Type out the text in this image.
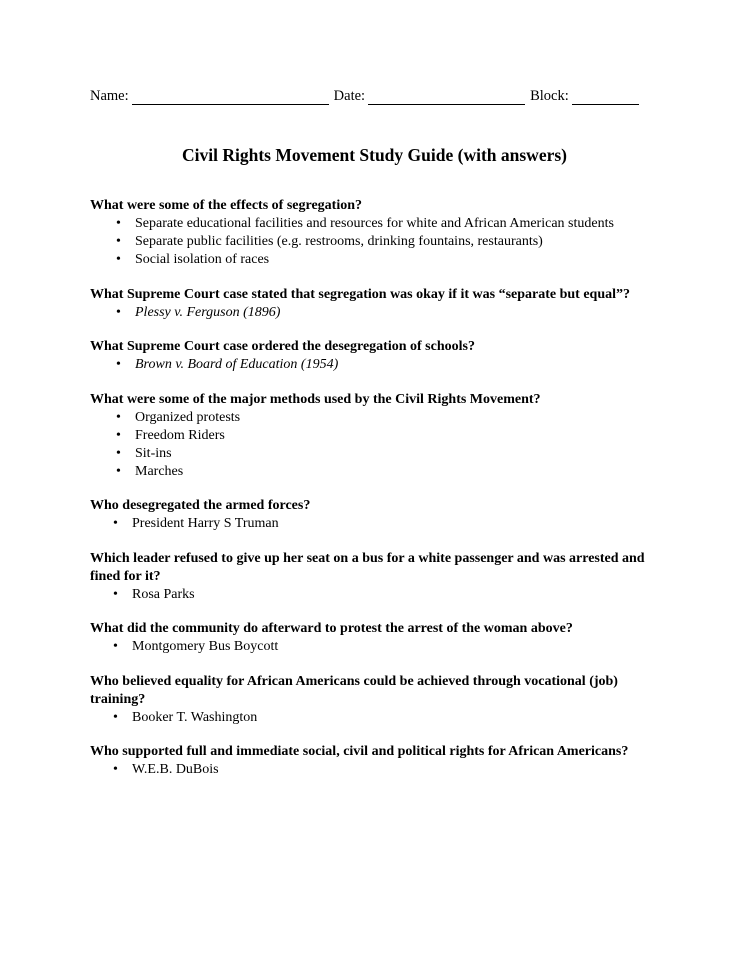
Name:	Date:	Block:
Civil Rights Movement Study Guide (with answers)

What were some of the effects of segregation?

• Separate educational facilities and resources for white and African American students
• Separate public facilities (e.g. restrooms, drinking fountains, restaurants)
• Social isolation of races

What Supreme Court case stated that segregation was okay if it was “separate but equal”?

• Plessy v. Ferguson (1896)

What Supreme Court case ordered the desegregation of schools?

• Brown v. Board of Education (1954)

What were some of the major methods used by the Civil Rights Movement?

• Organized protests
• Freedom Riders
• Sit-ins
• Marches

Who desegregated the armed forces?

• President Harry S Truman

Which leader refused to give up her seat on a bus for a white passenger and was arrested and fined for it?

• Rosa Parks

What did the community do afterward to protest the arrest of the woman above?

• Montgomery Bus Boycott

Who believed equality for African Americans could be achieved through vocational (job) training?

• Booker T. Washington

Who supported full and immediate social, civil and political rights for African Americans?

• W.E.B. DuBois
